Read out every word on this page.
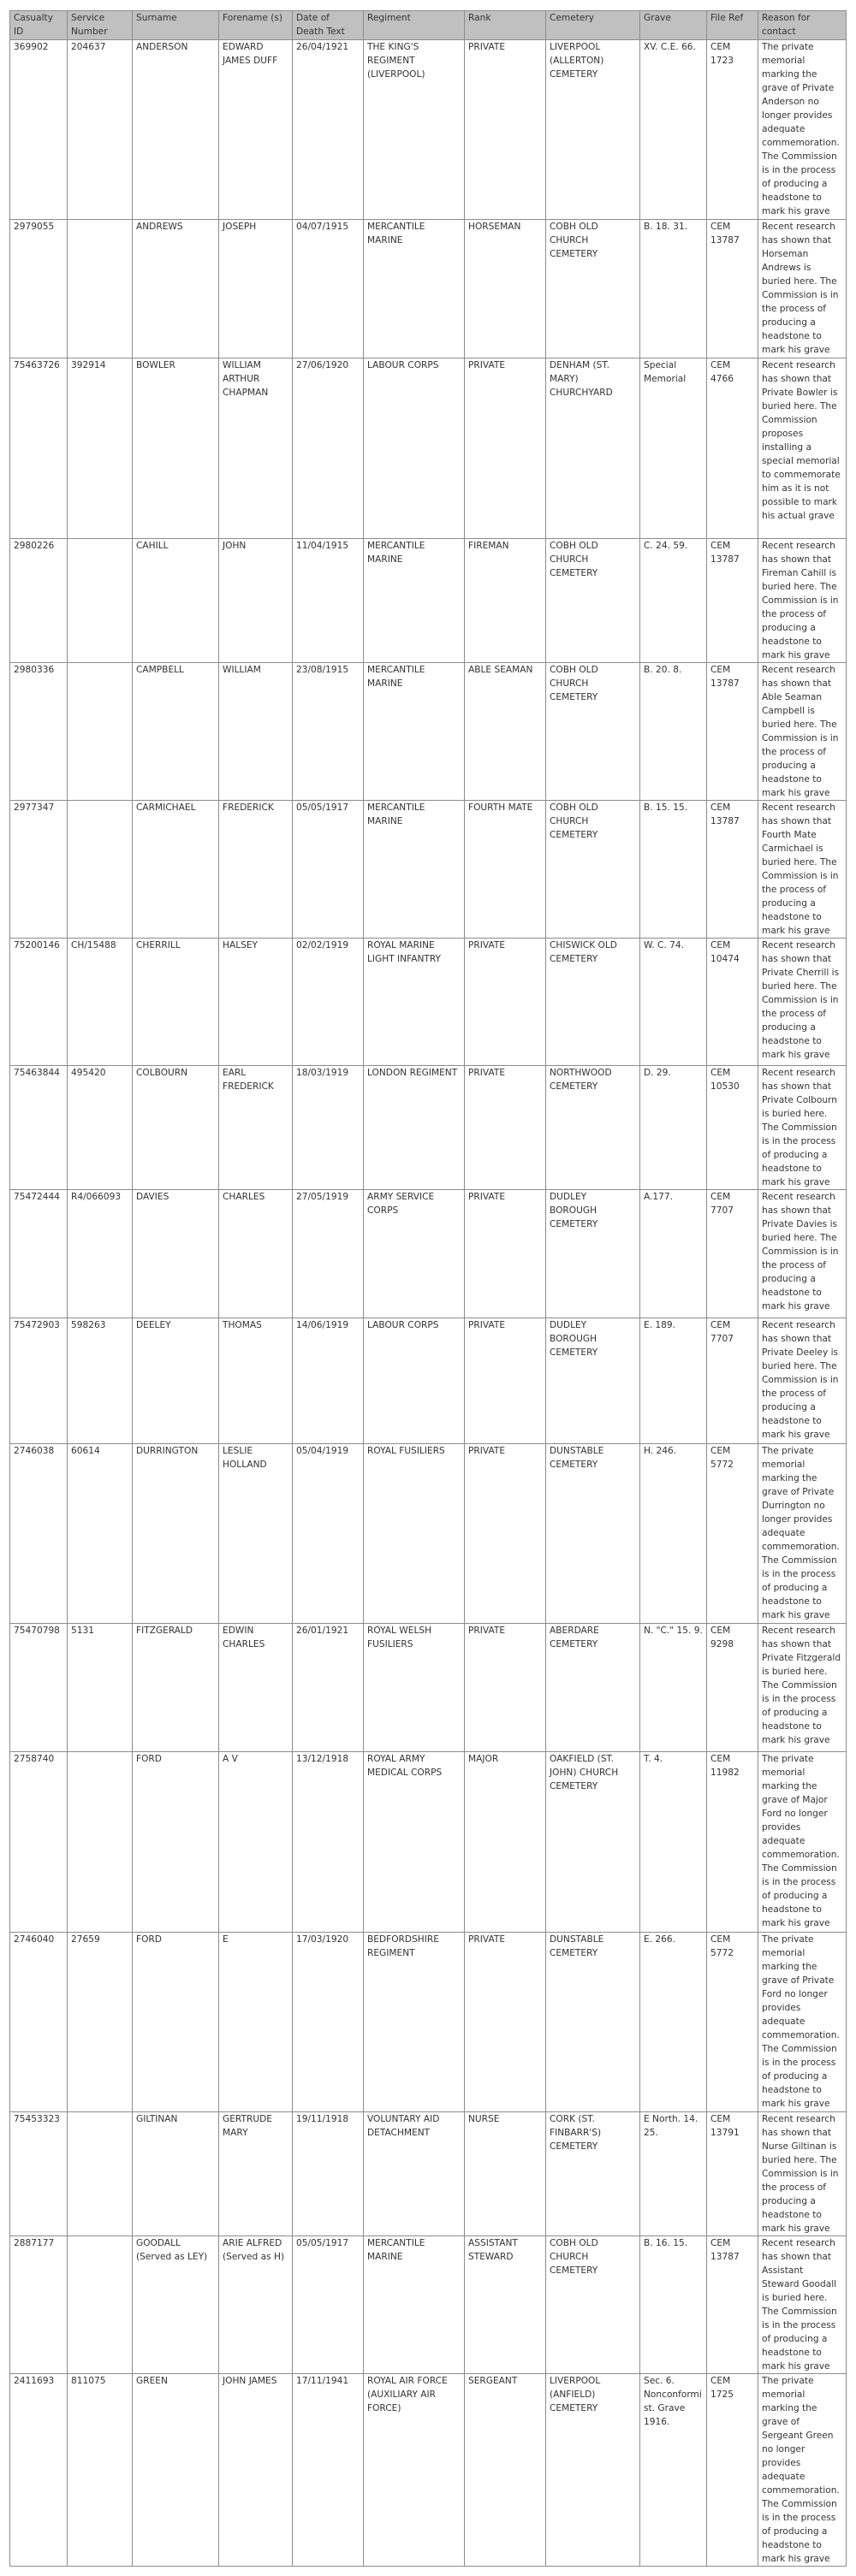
Casualty ID	Service Number	Surname	Forename (s)	Date of Death Text	Regiment	Rank	Cemetery	Grave	File Ref	Reason for contact
369902	204637	ANDERSON	EDWARD JAMES DUFF	26/04/1921	THE KING'S REGIMENT (LIVERPOOL)	PRIVATE	LIVERPOOL (ALLERTON) CEMETERY	XV. C.E. 66.	CEM 1723	The private memorial marking the grave of Private Anderson no longer provides adequate commemoration. The Commission is in the process of producing a headstone to mark his grave
2979055		ANDREWS	JOSEPH	04/07/1915	MERCANTILE MARINE	HORSEMAN	COBH OLD CHURCH CEMETERY	B. 18. 31.	CEM 13787	Recent research has shown that Horseman Andrews is buried here. The Commission is in the process of producing a headstone to mark his grave
75463726	392914	BOWLER	WILLIAM ARTHUR CHAPMAN	27/06/1920	LABOUR CORPS	PRIVATE	DENHAM (ST. MARY) CHURCHYARD	Special Memorial	CEM 4766	Recent research has shown that Private Bowler is buried here. The Commission proposes installing a special memorial to commemorate him as it is not possible to mark his actual grave
2980226		CAHILL	JOHN	11/04/1915	MERCANTILE MARINE	FIREMAN	COBH OLD CHURCH CEMETERY	C. 24. 59.	CEM 13787	Recent research has shown that Fireman Cahill is buried here. The Commission is in the process of producing a headstone to mark his grave
2980336		CAMPBELL	WILLIAM	23/08/1915	MERCANTILE MARINE	ABLE SEAMAN	COBH OLD CHURCH CEMETERY	B. 20. 8.	CEM 13787	Recent research has shown that Able Seaman Campbell is buried here. The Commission is in the process of producing a headstone to mark his grave
2977347		CARMICHAEL	FREDERICK	05/05/1917	MERCANTILE MARINE	FOURTH MATE	COBH OLD CHURCH CEMETERY	B. 15. 15.	CEM 13787	Recent research has shown that Fourth Mate Carmichael is buried here. The Commission is in the process of producing a headstone to mark his grave
75200146	CH/15488	CHERRILL	HALSEY	02/02/1919	ROYAL MARINE LIGHT INFANTRY	PRIVATE	CHISWICK OLD CEMETERY	W. C. 74.	CEM 10474	Recent research has shown that Private Cherrill is buried here. The Commission is in the process of producing a headstone to mark his grave
75463844	495420	COLBOURN	EARL FREDERICK	18/03/1919	LONDON REGIMENT	PRIVATE	NORTHWOOD CEMETERY	D. 29.	CEM 10530	Recent research has shown that Private Colbourn is buried here. The Commission is in the process of producing a headstone to mark his grave
75472444	R4/066093	DAVIES	CHARLES	27/05/1919	ARMY SERVICE CORPS	PRIVATE	DUDLEY BOROUGH CEMETERY	A.177.	CEM 7707	Recent research has shown that Private Davies is buried here. The Commission is in the process of producing a headstone to mark his grave
75472903	598263	DEELEY	THOMAS	14/06/1919	LABOUR CORPS	PRIVATE	DUDLEY BOROUGH CEMETERY	E. 189.	CEM 7707	Recent research has shown that Private Deeley is buried here. The Commission is in the process of producing a headstone to mark his grave
2746038	60614	DURRINGTON	LESLIE HOLLAND	05/04/1919	ROYAL FUSILIERS	PRIVATE	DUNSTABLE CEMETERY	H. 246.	CEM 5772	The private memorial marking the grave of Private Durrington no longer provides adequate commemoration. The Commission is in the process of producing a headstone to mark his grave
75470798	5131	FITZGERALD	EDWIN CHARLES	26/01/1921	ROYAL WELSH FUSILIERS	PRIVATE	ABERDARE CEMETERY	N. "C." 15. 9.	CEM 9298	Recent research has shown that Private Fitzgerald is buried here. The Commission is in the process of producing a headstone to mark his grave
2758740		FORD	A V	13/12/1918	ROYAL ARMY MEDICAL CORPS	MAJOR	OAKFIELD (ST. JOHN) CHURCH CEMETERY	T. 4.	CEM 11982	The private memorial marking the grave of Major Ford no longer provides adequate commemoration. The Commission is in the process of producing a headstone to mark his grave
2746040	27659	FORD	E	17/03/1920	BEDFORDSHIRE REGIMENT	PRIVATE	DUNSTABLE CEMETERY	E. 266.	CEM 5772	The private memorial marking the grave of Private Ford no longer provides adequate commemoration. The Commission is in the process of producing a headstone to mark his grave
75453323		GILTINAN	GERTRUDE MARY	19/11/1918	VOLUNTARY AID DETACHMENT	NURSE	CORK (ST. FINBARR'S) CEMETERY	E North. 14. 25.	CEM 13791	Recent research has shown that Nurse Giltinan is buried here. The Commission is in the process of producing a headstone to mark his grave
2887177		GOODALL (Served as LEY)	ARIE ALFRED (Served as H)	05/05/1917	MERCANTILE MARINE	ASSISTANT STEWARD	COBH OLD CHURCH CEMETERY	B. 16. 15.	CEM 13787	Recent research has shown that Assistant Steward Goodall is buried here. The Commission is in the process of producing a headstone to mark his grave
2411693	811075	GREEN	JOHN JAMES	17/11/1941	ROYAL AIR FORCE (AUXILIARY AIR FORCE)	SERGEANT	LIVERPOOL (ANFIELD) CEMETERY	Sec. 6. Nonconformist. Grave 1916.	CEM 1725	The private memorial marking the grave of Sergeant Green no longer provides adequate commemoration. The Commission is in the process of producing a headstone to mark his grave
